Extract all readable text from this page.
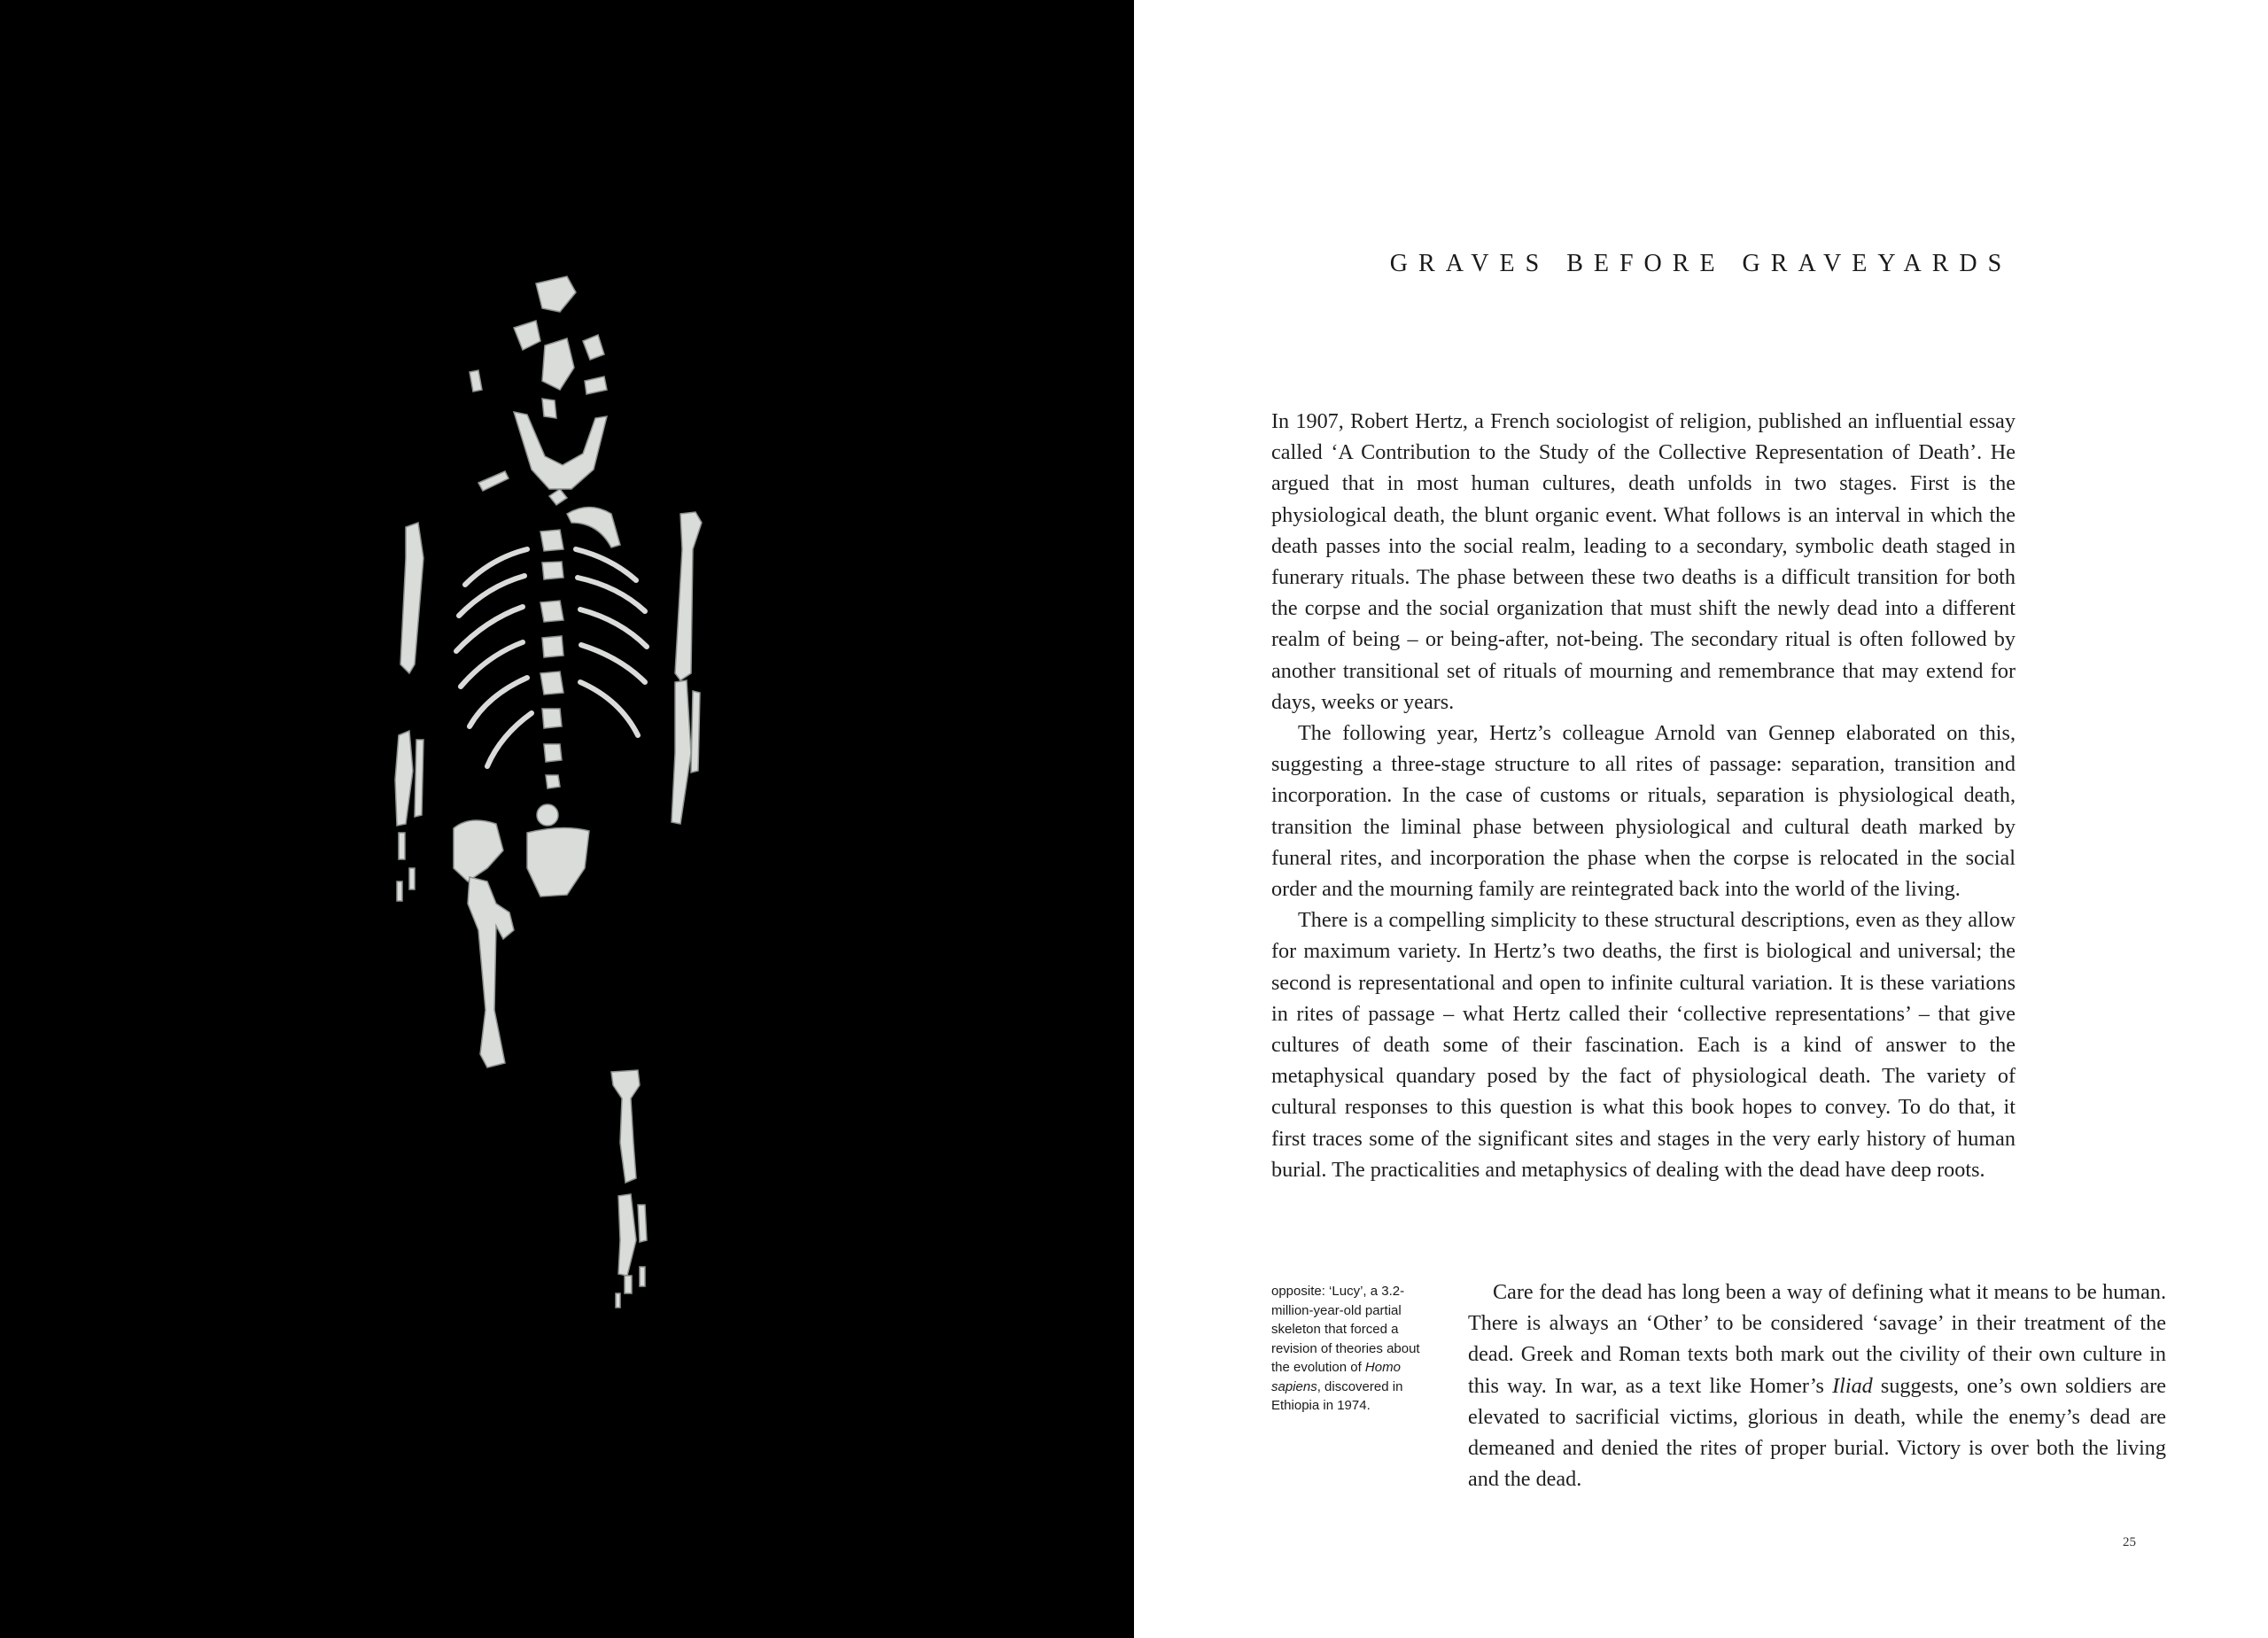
GRAVES BEFORE GRAVEYARDS

In 1907, Robert Hertz, a French sociologist of religion, published an influential essay called ‘A Contribution to the Study of the Collective Representation of Death’. He argued that in most human cultures, death unfolds in two stages. First is the physiological death, the blunt organic event. What follows is an interval in which the death passes into the social realm, leading to a secondary, symbolic death staged in funerary rituals. The phase between these two deaths is a difficult transition for both the corpse and the social organization that must shift the newly dead into a different realm of being – or being-after, not-being. The secondary ritual is often followed by another transitional set of rituals of mourning and remembrance that may extend for days, weeks or years.

The following year, Hertz’s colleague Arnold van Gennep elaborated on this, suggesting a three-stage structure to all rites of passage: separation, transition and incorporation. In the case of customs or rituals, separation is physiological death, transition the liminal phase between physiological and cultural death marked by funeral rites, and incorporation the phase when the corpse is relocated in the social order and the mourning family are reintegrated back into the world of the living.

There is a compelling simplicity to these structural descriptions, even as they allow for maximum variety. In Hertz’s two deaths, the first is biological and universal; the second is representational and open to infinite cultural variation. It is these variations in rites of passage – what Hertz called their ‘collective representations’ – that give cultures of death some of their fascination. Each is a kind of answer to the metaphysical quandary posed by the fact of physiological death. The variety of cultural responses to this question is what this book hopes to convey. To do that, it first traces some of the significant sites and stages in the very early history of human burial. The practicalities and metaphysics of dealing with the dead have deep roots.

opposite: ‘Lucy’, a 3.2-million-year-old partial skeleton that forced a revision of theories about the evolution of Homo sapiens, discovered in Ethiopia in 1974.

Care for the dead has long been a way of defining what it means to be human. There is always an ‘Other’ to be considered ‘savage’ in their treatment of the dead. Greek and Roman texts both mark out the civility of their own culture in this way. In war, as a text like Homer’s Iliad suggests, one’s own soldiers are elevated to sacrificial victims, glorious in death, while the enemy’s dead are demeaned and denied the rites of proper burial. Victory is over both the living and the dead.

25
